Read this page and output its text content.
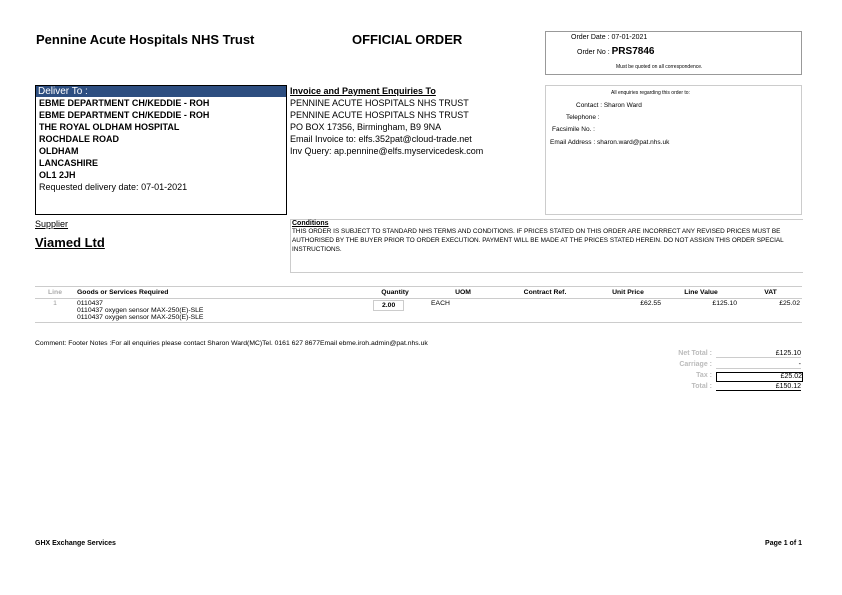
Pennine Acute Hospitals NHS Trust	OFFICIAL ORDER	Order Date : 07-01-2021
Order No : PRS7846
Must be quoted on all correspondence.
Deliver To :
EBME DEPARTMENT CH/KEDDIE - ROH
EBME DEPARTMENT CH/KEDDIE - ROH
THE ROYAL OLDHAM HOSPITAL
ROCHDALE ROAD
OLDHAM
LANCASHIRE
OL1 2JH
Requested delivery date: 07-01-2021
Invoice and Payment Enquiries To
PENNINE ACUTE HOSPITALS NHS TRUST
PENNINE ACUTE HOSPITALS NHS TRUST
PO BOX 17356, Birmingham, B9 9NA
Email Invoice to: elfs.352pat@cloud-trade.net
Inv Query: ap.pennine@elfs.myservicedesk.com
All enquiries regarding this order to:
Contact : Sharon Ward
Telephone :
Facsimile No. :
Email Address : sharon.ward@pat.nhs.uk
Supplier
Viamed Ltd
Conditions
THIS ORDER IS SUBJECT TO STANDARD NHS TERMS AND CONDITIONS. IF PRICES STATED ON THIS ORDER ARE INCORRECT ANY REVISED PRICES MUST BE AUTHORISED BY THE BUYER PRIOR TO ORDER EXECUTION. PAYMENT WILL BE MADE AT THE PRICES STATED HEREIN. DO NOT ASSIGN THIS ORDER SPECIAL INSTRUCTIONS.
Line	Goods or Services Required	Quantity	UOM	Contract Ref.	Unit Price	Line Value	VAT
1	0110437
0110437 oxygen sensor MAX-250(E)-SLE
0110437 oxygen sensor MAX-250(E)-SLE	2.00	EACH		£62.55	£125.10	£25.02
Comment: Footer Notes :For all enquiries please contact Sharon Ward(MC)Tel. 0161 627 8677Email ebme.iroh.admin@pat.nhs.uk
Net Total :	£125.10
Carriage :	-
Tax :	£25.02
Total :	£150.12
GHX Exchange Services	Page 1 of 1
